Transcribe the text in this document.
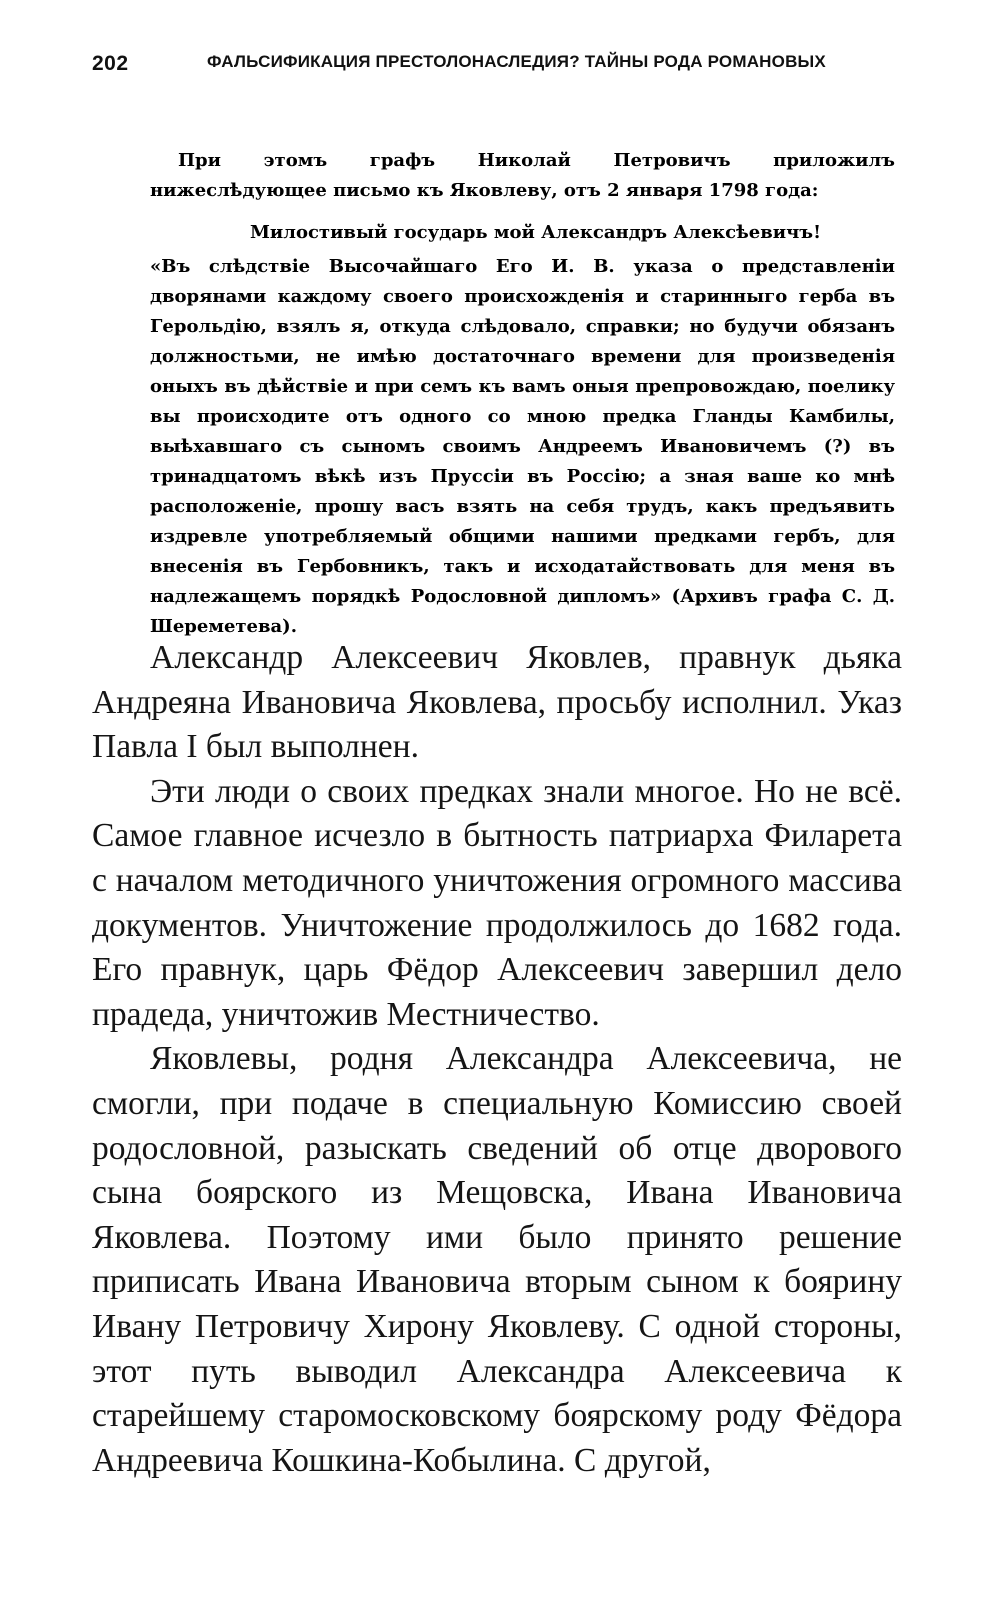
202	ФАЛЬСИФИКАЦИЯ ПРЕСТОЛОНАСЛЕДИЯ? ТАЙНЫ РОДА РОМАНОВЫХ

При этомъ графъ Николай Петровичъ приложилъ нижеслѣдующее письмо къ Яковлеву, отъ 2 января 1798 года:

Милостивый государь мой Александръ Алексѣевичъ!

«Въ слѣдствіе Высочайшаго Его И. В. указа о представленіи дворянами каждому своего происхожденія и старинныго герба въ Герольдію, взялъ я, откуда слѣдовало, справки; но будучи обязанъ должностьми, не имѣю достаточнаго времени для произведенія оныхъ въ дѣйствіе и при семъ къ вамъ оныя препровождаю, поелику вы происходите отъ одного со мною предка Гланды Камбилы, выѣхавшаго съ сыномъ своимъ Андреемъ Ивановичемъ (?) въ тринадцатомъ вѣкѣ изъ Пруссіи въ Россію; а зная ваше ко мнѣ расположеніе, прошу васъ взять на себя трудъ, какъ предъявить издревле употребляемый общими нашими предками гербъ, для внесенія въ Гербовникъ, такъ и исходатайствовать для меня въ надлежащемъ порядкѣ Родословной дипломъ» (Архивъ графа С. Д. Шереметева).

Александр Алексеевич Яковлев, правнук дьяка Андреяна Ивановича Яковлева, просьбу исполнил. Указ Павла I был выполнен.

Эти люди о своих предках знали многое. Но не всё. Самое главное исчезло в бытность патриарха Филарета с началом методичного уничтожения огромного массива документов. Уничтожение продолжилось до 1682 года. Его правнук, царь Фёдор Алексеевич завершил дело прадеда, уничтожив Местничество.

Яковлевы, родня Александра Алексеевича, не смогли, при подаче в специальную Комиссию своей родословной, разыскать сведений об отце дворового сына боярского из Мещовска, Ивана Ивановича Яковлева. Поэтому ими было принято решение приписать Ивана Ивановича вторым сыном к боярину Ивану Петровичу Хирону Яковлеву. С одной стороны, этот путь выводил Александра Алексеевича к старейшему старомосковскому боярскому роду Фёдора Андреевича Кошкина-Кобылина. С другой,
